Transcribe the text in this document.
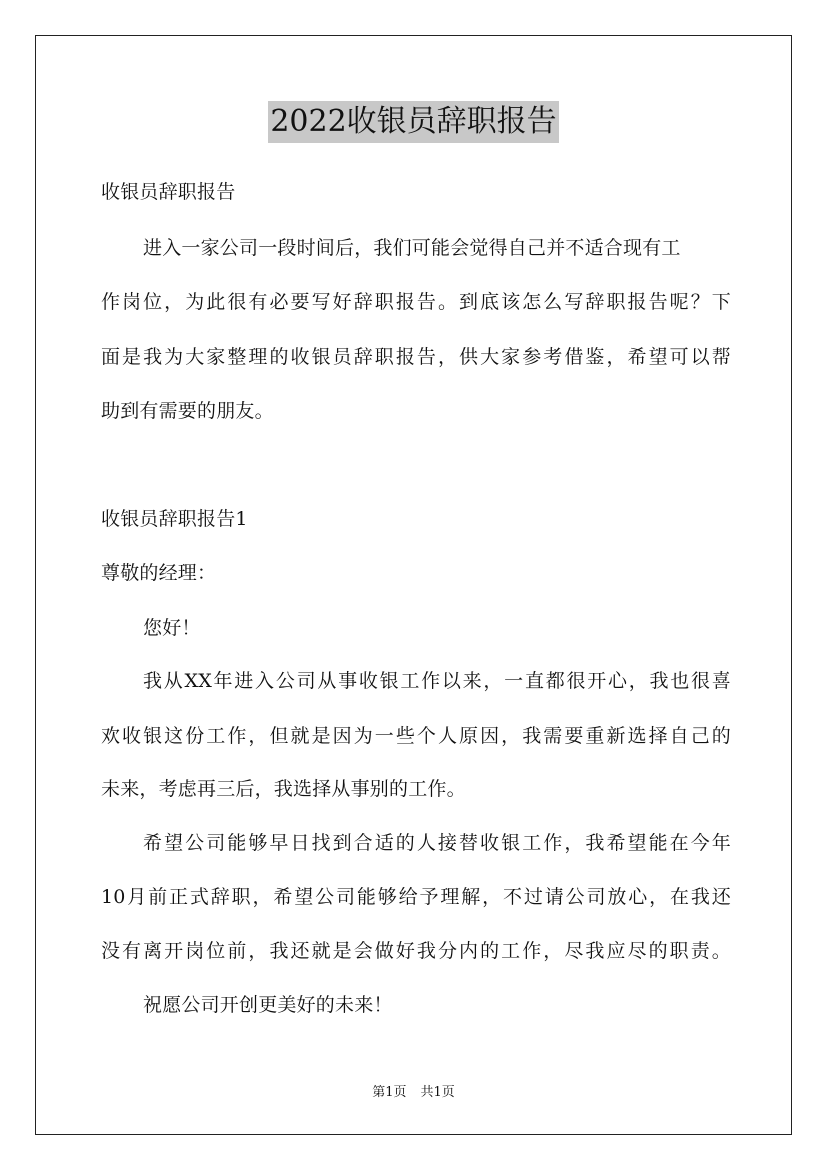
2022收银员辞职报告
收银员辞职报告
进入一家公司一段时间后，我们可能会觉得自己并不适合现有工
作岗位，为此很有必要写好辞职报告。到底该怎么写辞职报告呢？下
面是我为大家整理的收银员辞职报告，供大家参考借鉴，希望可以帮
助到有需要的朋友。
收银员辞职报告1
尊敬的经理：
您好！
我从XX年进入公司从事收银工作以来，一直都很开心，我也很喜
欢收银这份工作，但就是因为一些个人原因，我需要重新选择自己的
未来，考虑再三后，我选择从事别的工作。
希望公司能够早日找到合适的人接替收银工作，我希望能在今年
10月前正式辞职，希望公司能够给予理解，不过请公司放心，在我还
没有离开岗位前，我还就是会做好我分内的工作，尽我应尽的职责。
祝愿公司开创更美好的未来！
第1页 共1页
